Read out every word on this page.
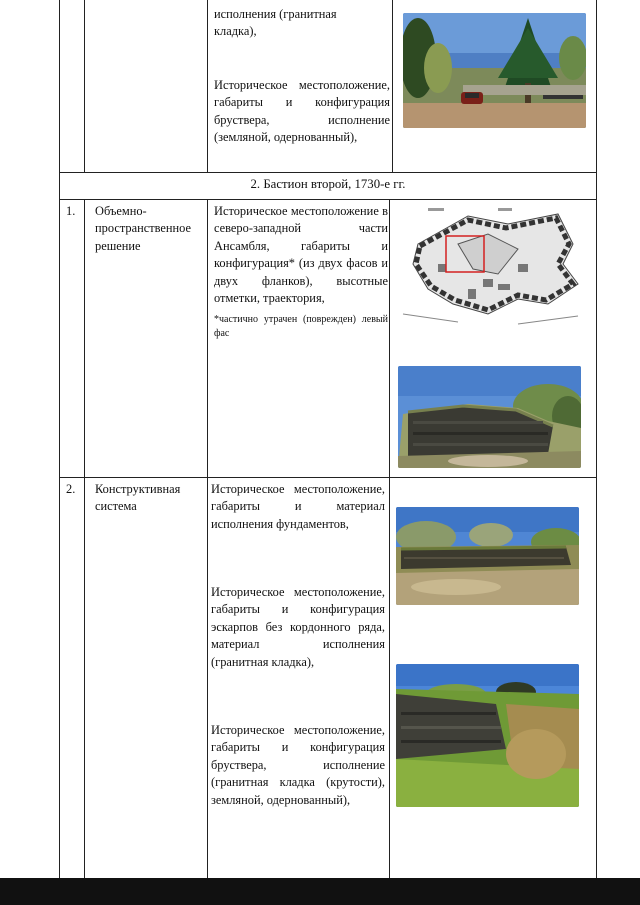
исполнения (гранитная
кладка),
Историческое местоположение, габариты и конфигурация бруствера, исполнение (земляной, одернованный),
2. Бастион второй, 1730-е гг.
1. Объемно-пространственное решение
Историческое местоположение в северо-западной части Ансамбля, габариты и конфигурация* (из двух фасов и двух фланков), высотные отметки, траектория,
*частично утрачен (поврежден) левый фас
2. Конструктивная система
Историческое местоположение, габариты и материал исполнения фундаментов,
Историческое местоположение, габариты и конфигурация эскарпов без кордонного ряда, материал исполнения (гранитная кладка),
Историческое местоположение, габариты и конфигурация бруствера, исполнение (гранитная кладка (крутости), земляной, одернованный),
